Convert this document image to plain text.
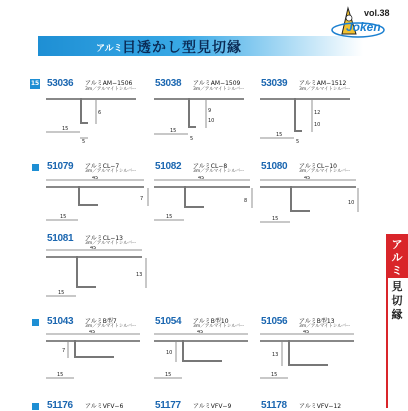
アルミ 目透かし型見切縁
Joken
vol.38
アルミ
見切縁
15 53036 アルミAM−1506
3m／アルマイトシルバー
15
5
6
53038 アルミAM−1509
3m／アルマイトシルバー
15
9
10
5
53039 アルミAM−1512
3m／アルマイトシルバー
15
12
10
5
51079 アルミCL−7
3m／アルマイトシルバー
45
15
7
51082 アルミCL−8
3m／アルマイトシルバー
45
15
8
51080 アルミCL−10
3m／アルマイトシルバー
45
15
10
51081 アルミCL−13
3m／アルマイトシルバー
45
15
13
51043 アルミB型7
3m／アルマイトシルバー
45
15
7
51054 アルミB型10
3m／アルマイトシルバー
45
15
10
51056 アルミB型13
3m／アルマイトシルバー
45
15
13
51176 アルミVFV−6	51177 アルミVFV−9	51178 アルミVFV−12
